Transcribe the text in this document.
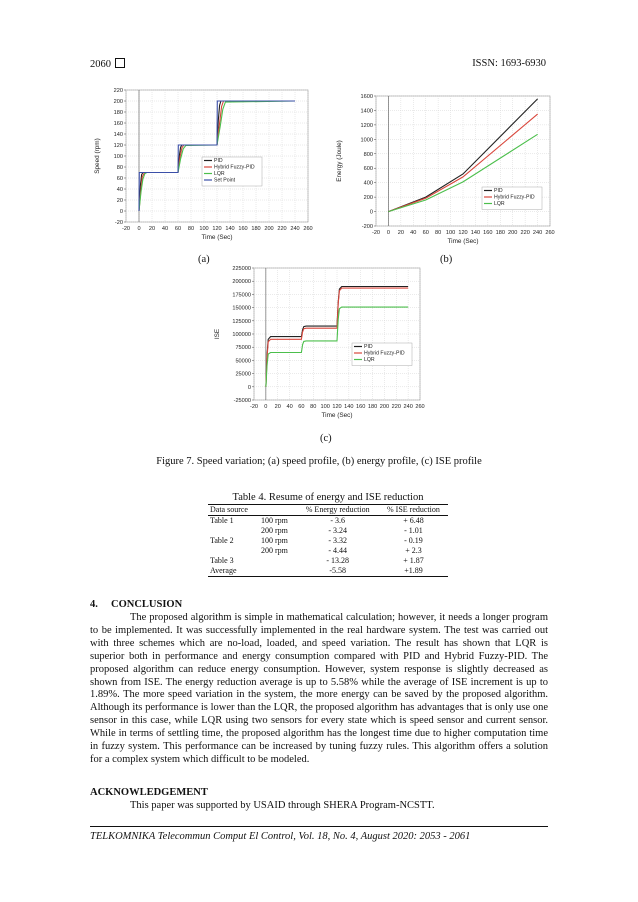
2060	ISSN: 1693-6930
-20 0 20 40 60 80 100 120 140 160 180 200 220 240 260
-20
0
20
40
60
80
100
120
140
160
180
200
220
Time (Sec)
Speed (rpm)	PID
Hybrid Fuzzy-PID
LQR
Set Point
-20 0 20 40 60 80 100 120 140 160 180 200 220 240 260
-200
0
200
400
600
800
1000
1200
1400
1600
Time (Sec)
Energy (Joule)
PID
Hybrid Fuzzy-PID
LQR
-20 0 20 40 60 80 100 120 140 160 180 200 220 240 260
-25000
0
25000
50000
75000
100000
125000
150000
175000
200000
225000
Time (Sec)
ISE
PID
Hybrid Fuzzy-PID
LQR
(a)	(b)
(c)
Figure 7. Speed variation; (a) speed profile, (b) energy profile, (c) ISE profile
Table 4. Resume of energy and ISE reduction
Data source		% Energy reduction	% ISE reduction
Table 1	100 rpm	- 3.6	+ 6.48
	200 rpm	- 3.24	- 1.01
Table 2	100 rpm	- 3.32	- 0.19
	200 rpm	- 4.44	+ 2.3
Table 3		- 13.28	+ 1.87
Average		-5.58	+1.89
4.     CONCLUSION
The proposed algorithm is simple in mathematical calculation; however, it needs a longer program to be implemented. It was successfully implemented in the real hardware system. The test was carried out with three schemes which are no-load, loaded, and speed variation. The result has shown that LQR is superior both in performance and energy consumption compared with PID and Hybrid Fuzzy-PID. The proposed algorithm can reduce energy consumption. However, system response is slightly decreased as shown from ISE. The energy reduction average is up to 5.58% while the average of ISE increment is up to 1.89%. The more speed variation in the system, the more energy can be saved by the proposed algorithm. Although its performance is lower than the LQR, the proposed algorithm has advantages that is only use one sensor in this case, while LQR using two sensors for every state which is speed sensor and current sensor. While in terms of settling time, the proposed algorithm has the longest time due to higher computation time in fuzzy system. This performance can be increased by tuning fuzzy rules. This algorithm offers a solution for a complex system which difficult to be modeled.
ACKNOWLEDGEMENT
This paper was supported by USAID through SHERA Program-NCSTT.
TELKOMNIKA Telecommun Comput El Control, Vol. 18, No. 4, August 2020: 2053 - 2061
